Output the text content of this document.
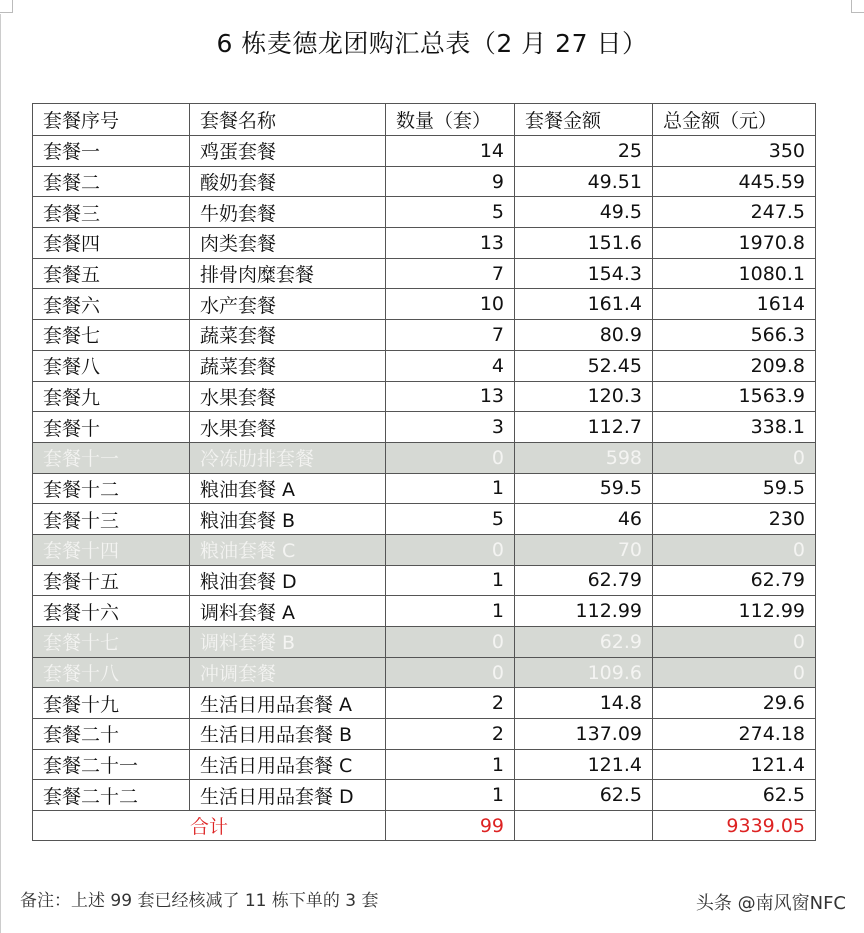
6 栋麦德龙团购汇总表（2 月 27 日）
套餐序号	套餐名称	数量（套）	套餐金额	总金额（元）
套餐一	鸡蛋套餐	14	25	350
套餐二	酸奶套餐	9	49.51	445.59
套餐三	牛奶套餐	5	49.5	247.5
套餐四	肉类套餐	13	151.6	1970.8
套餐五	排骨肉糜套餐	7	154.3	1080.1
套餐六	水产套餐	10	161.4	1614
套餐七	蔬菜套餐	7	80.9	566.3
套餐八	蔬菜套餐	4	52.45	209.8
套餐九	水果套餐	13	120.3	1563.9
套餐十	水果套餐	3	112.7	338.1
套餐十一	冷冻肋排套餐	0	598	0
套餐十二	粮油套餐 A	1	59.5	59.5
套餐十三	粮油套餐 B	5	46	230
套餐十四	粮油套餐 C	0	70	0
套餐十五	粮油套餐 D	1	62.79	62.79
套餐十六	调料套餐 A	1	112.99	112.99
套餐十七	调料套餐 B	0	62.9	0
套餐十八	冲调套餐	0	109.6	0
套餐十九	生活日用品套餐 A	2	14.8	29.6
套餐二十	生活日用品套餐 B	2	137.09	274.18
套餐二十一	生活日用品套餐 C	1	121.4	121.4
套餐二十二	生活日用品套餐 D	1	62.5	62.5
合计		99		9339.05
备注：上述 99 套已经核减了 11 栋下单的 3 套	头条 @南风窗NFC
